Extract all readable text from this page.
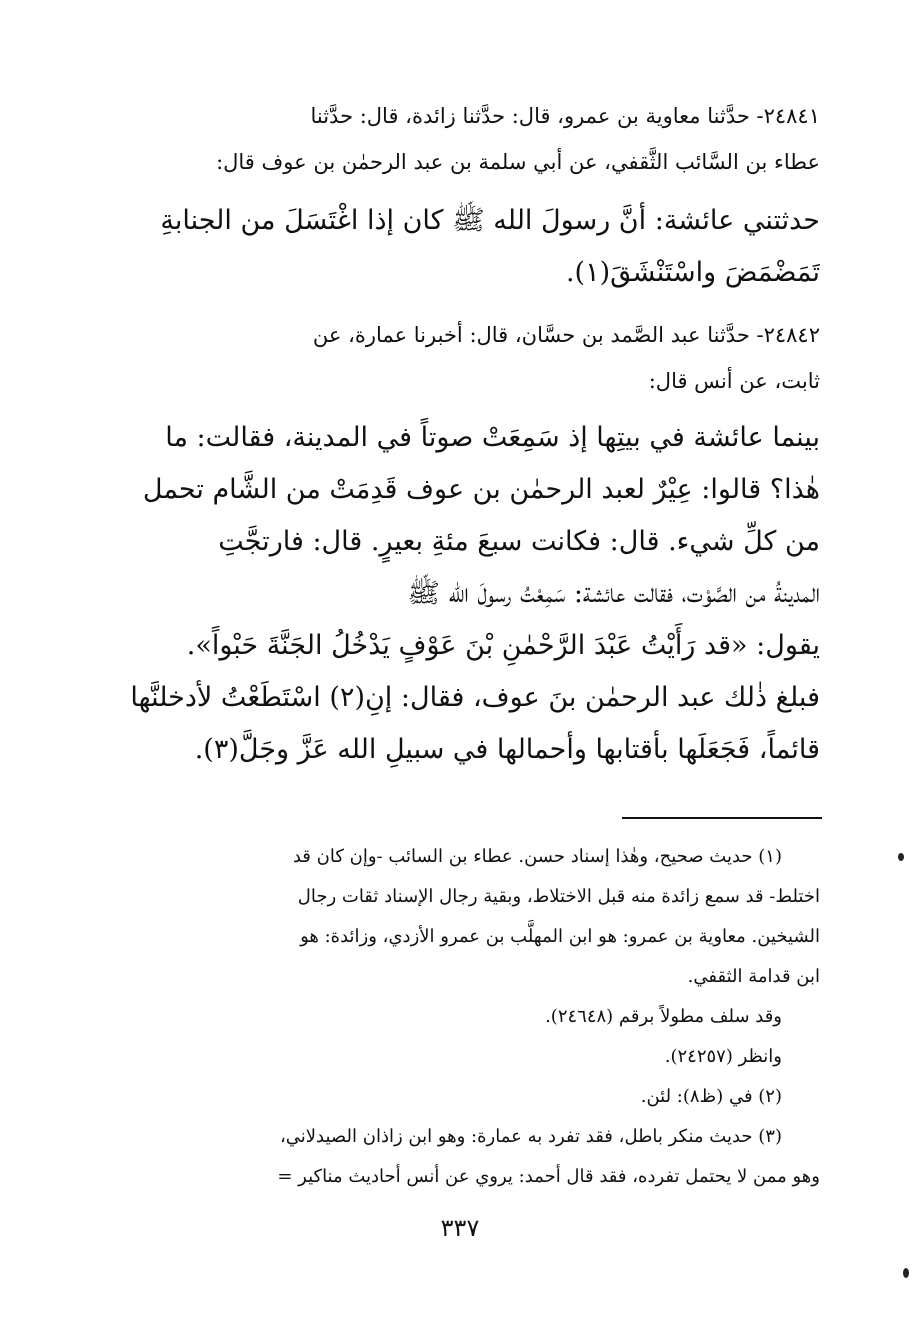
٢٤٨٤١- حدَّثنا معاوية بن عمرو، قال: حدَّثنا زائدة، قال: حدَّثنا
عطاء بن السَّائب الثَّقفي، عن أبي سلمة بن عبد الرحمٰن بن عوف قال:
حدثتني عائشة: أنَّ رسولَ الله ﷺ كان إذا اغْتَسَلَ من الجنابةِ
تَمَضْمَضَ واسْتَنْشَقَ(١).
٢٤٨٤٢- حدَّثنا عبد الصَّمد بن حسَّان، قال: أخبرنا عمارة، عن
ثابت، عن أنس قال:
بينما عائشة في بيتِها إذ سَمِعَتْ صوتاً في المدينة، فقالت: ما
هٰذا؟ قالوا: عِيْرٌ لعبد الرحمٰن بن عوف قَدِمَتْ من الشَّام تحمل
من كلِّ شيء. قال: فكانت سبعَ مئةِ بعيرٍ. قال: فارتجَّتِ
المدينةُ من الصَّوْت، فقالت عائشة: سَمِعْتُ رسولَ الله ﷺ
يقول: «قد رَأَيْتُ عَبْدَ الرَّحْمٰنِ بْنَ عَوْفٍ يَدْخُلُ الجَنَّةَ حَبْواً».
فبلغ ذٰلك عبد الرحمٰن بنَ عوف، فقال: إنِ(٢) اسْتَطَعْتُ لأدخلنَّها
قائماً، فَجَعَلَها بأقتابها وأحمالها في سبيلِ الله عَزَّ وجَلَّ(٣).
(١) حديث صحيح، وهٰذا إسناد حسن. عطاء بن السائب -وإن كان قد
اختلط- قد سمع زائدة منه قبل الاختلاط، وبقية رجال الإسناد ثقات رجال
الشيخين. معاوية بن عمرو: هو ابن المهلَّب بن عمرو الأزدي، وزائدة: هو
ابن قدامة الثقفي.
وقد سلف مطولاً برقم (٢٤٦٤٨).
وانظر (٢٤٢٥٧).
(٢) في (ظ٨): لئن.
(٣) حديث منكر باطل، فقد تفرد به عمارة: وهو ابن زاذان الصيدلاني،
وهو ممن لا يحتمل تفرده، فقد قال أحمد: يروي عن أنس أحاديث مناكير =
٣٣٧
